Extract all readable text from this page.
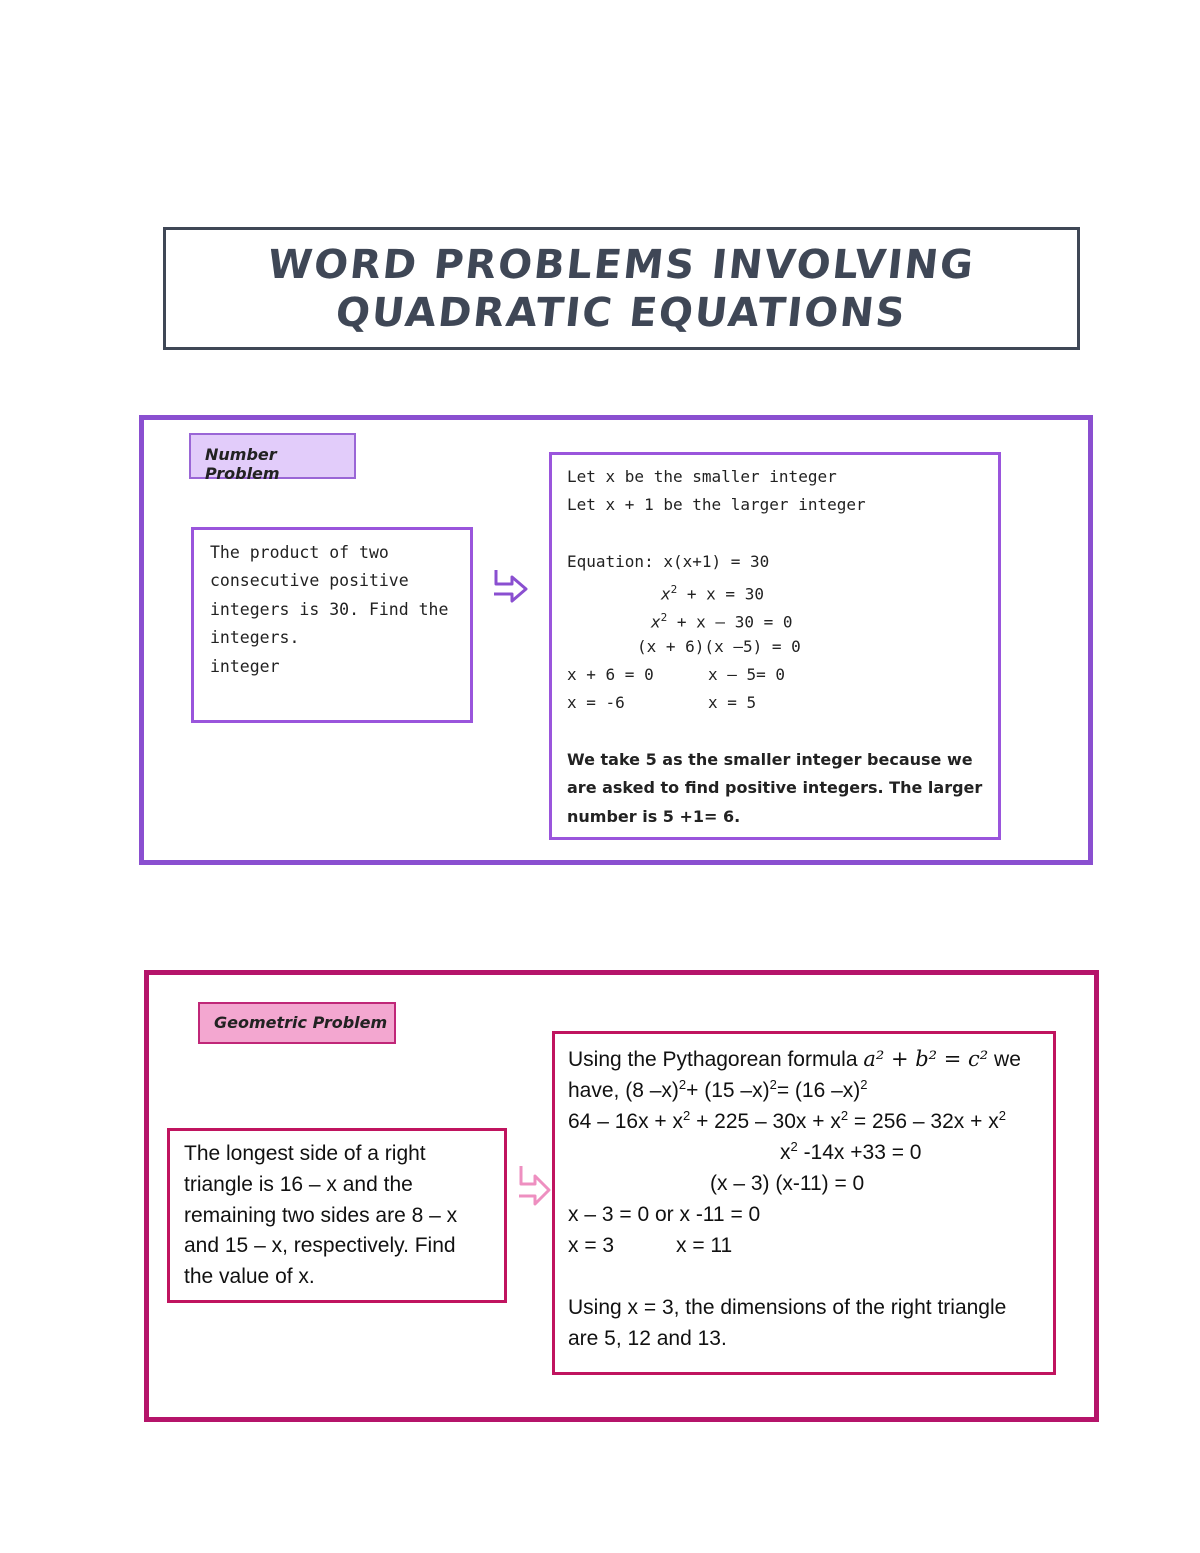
WORD PROBLEMS INVOLVING
QUADRATIC EQUATIONS
Number Problem
The product of two
consecutive positive
integers is 30. Find the
integers.
integer
Let x be the smaller integer
Let x + 1 be the larger integer
Equation: x(x+1) = 30
$x^2 + x = 30$
$x^2 + x - 30 = 0$
(x + 6)(x –5) = 0
x + 6 = 0	x – 5= 0
x = -6	x = 5
We take 5 as the smaller integer because we
are asked to find positive integers. The larger
number is 5 +1= 6.
Geometric Problem
The longest side of a right
triangle is 16 – x and the
remaining two sides are 8 – x
and 15 – x, respectively. Find
the value of x.
Using the Pythagorean formula a² + b² = c² we
have, (8 –x)$^2$+ (15 –x)$^2$= (16 –x)$^2$
$64 - 16x + x^2 + 225 - 30x + x^2 = 256 - 32x + x^2$
$x^2$ -14x +33 = 0
(x – 3) (x-11) = 0
x – 3 = 0 or x -11 = 0
x = 3	x = 11
Using x = 3, the dimensions of the right triangle
are 5, 12 and 13.
